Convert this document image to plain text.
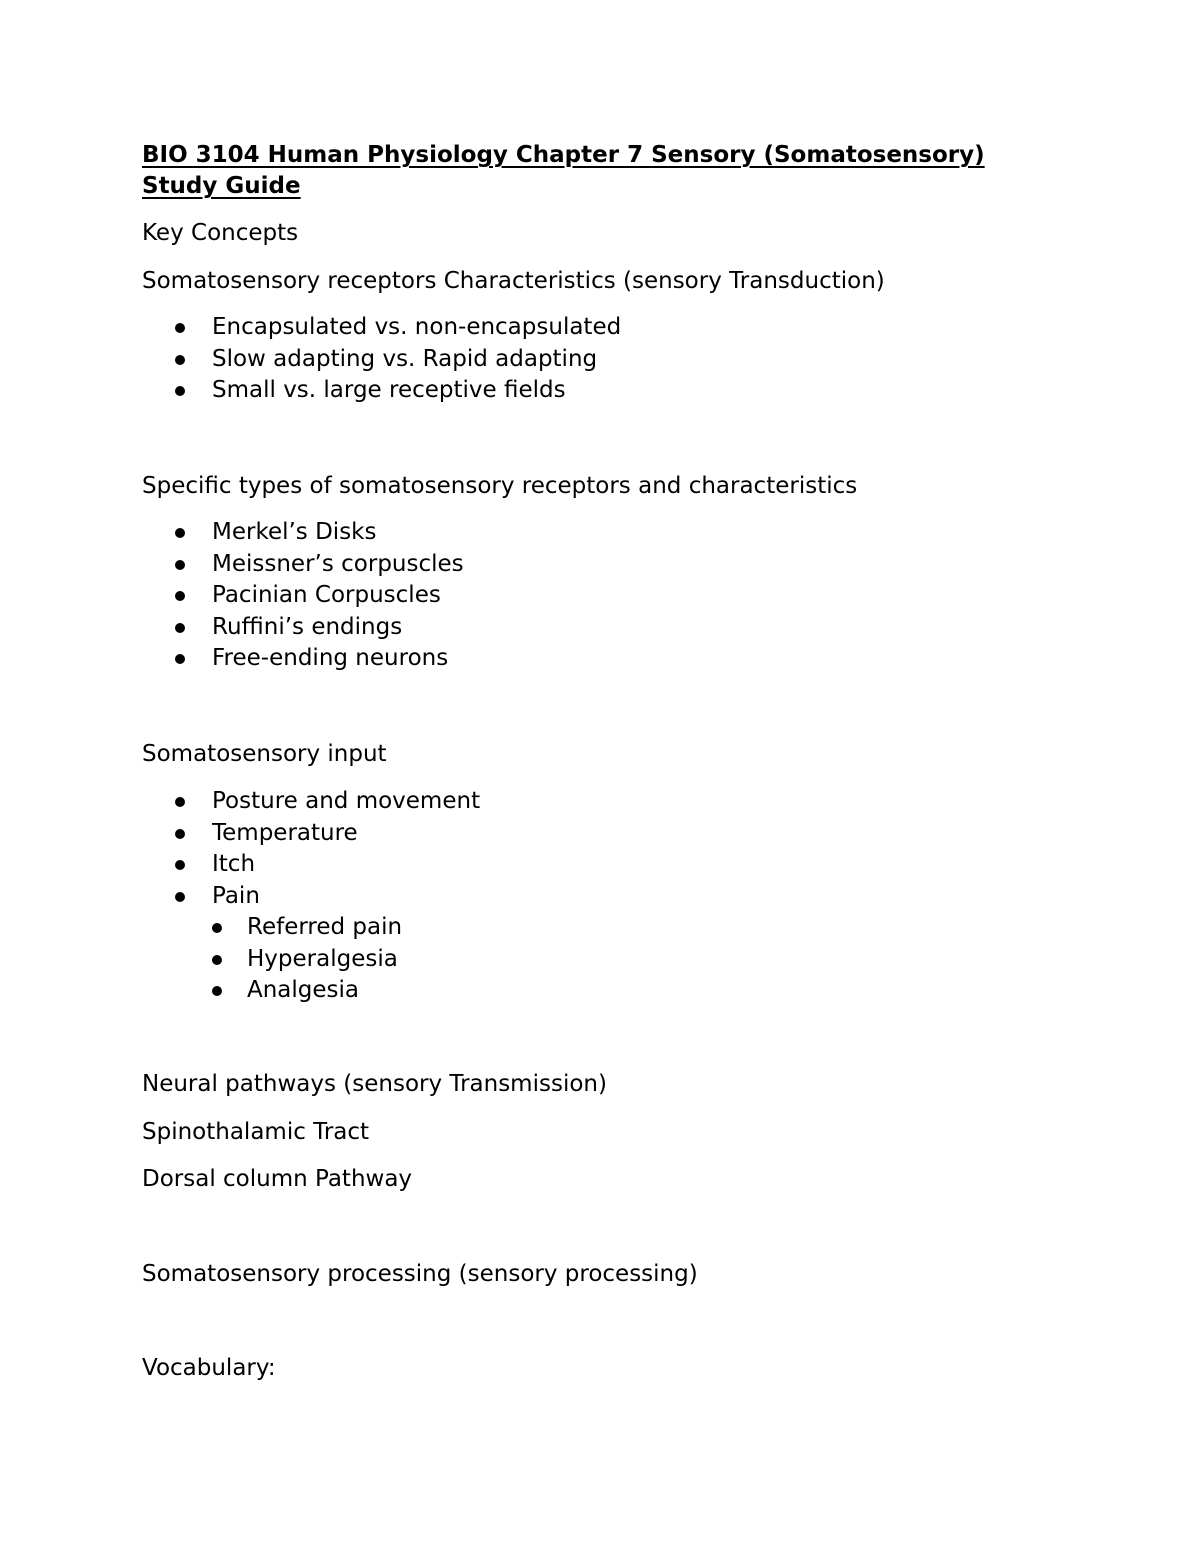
BIO 3104 Human Physiology Chapter 7 Sensory (Somatosensory) Study Guide

Key Concepts

Somatosensory receptors Characteristics (sensory Transduction)

Encapsulated vs. non-encapsulated
Slow adapting vs. Rapid adapting
Small vs. large receptive fields

Specific types of somatosensory receptors and characteristics

Merkel’s Disks
Meissner’s corpuscles
Pacinian Corpuscles
Ruffini’s endings
Free-ending neurons

Somatosensory input

Posture and movement
Temperature
Itch
Pain
Referred pain
Hyperalgesia
Analgesia

Neural pathways (sensory Transmission)

Spinothalamic Tract

Dorsal column Pathway

Somatosensory processing (sensory processing)

Vocabulary:
